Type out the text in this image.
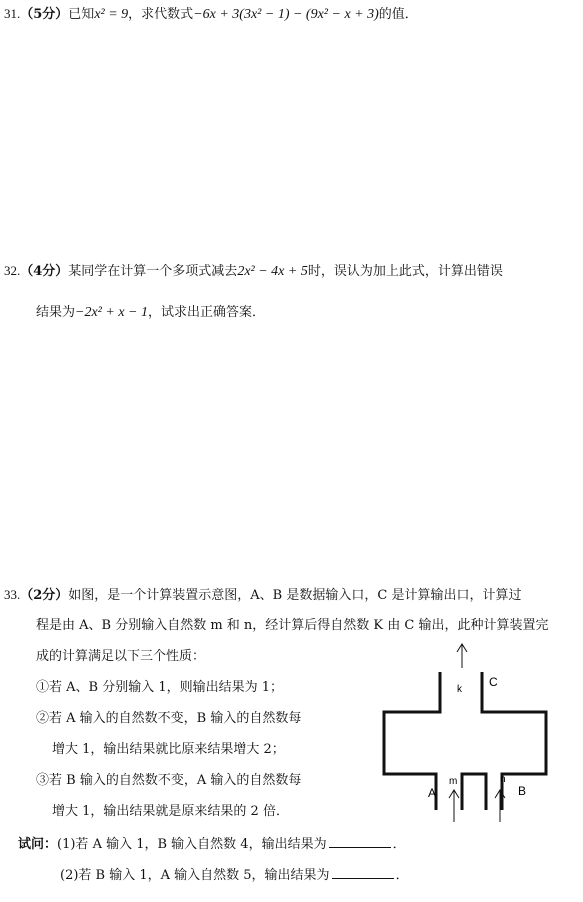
31.（5分）已知x² = 9，求代数式−6x + 3(3x² − 1) − (9x² − x + 3)的值．
32.（4分）某同学在计算一个多项式减去2x² − 4x + 5时，误认为加上此式，计算出错误
结果为−2x² + x − 1，试求出正确答案．
33.（2分）如图，是一个计算装置示意图，A、B 是数据输入口，C 是计算输出口，计算过
程是由 A、B 分别输入自然数 m 和 n，经计算后得自然数 K 由 C 输出，此种计算装置完
成的计算满足以下三个性质：
①若 A、B 分别输入 1，则输出结果为 1；
②若 A 输入的自然数不变，B 输入的自然数每
增大 1，输出结果就比原来结果增大 2；
③若 B 输入的自然数不变，A 输入的自然数每
增大 1，输出结果就是原来结果的 2 倍．
试问：(1)若 A 输入 1，B 输入自然数 4，输出结果为	．
(2)若 B 输入 1，A 输入自然数 5，输出结果为	．
k
C
m	n
A	B
